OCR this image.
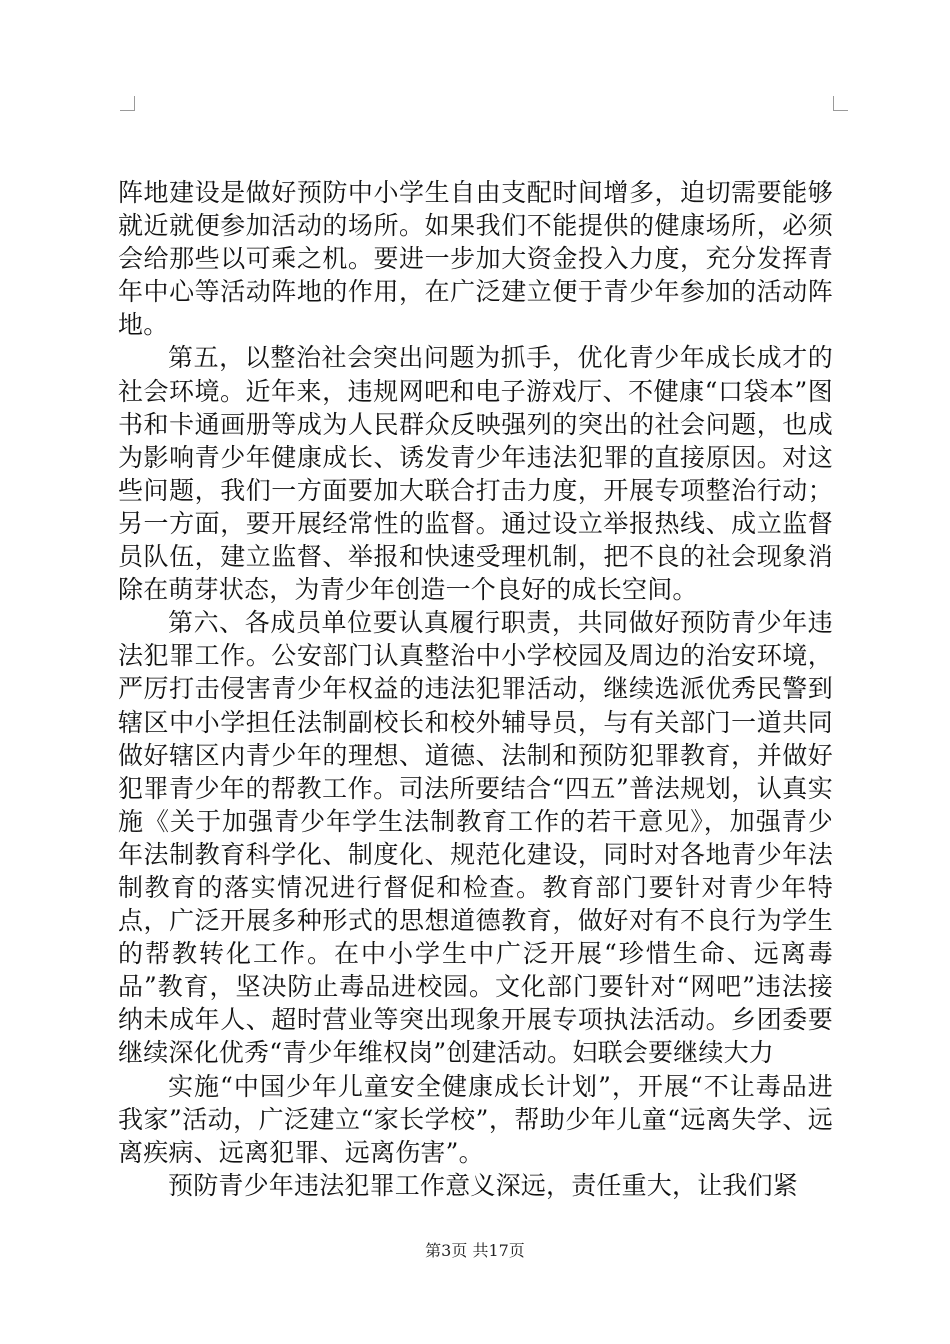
阵地建设是做好预防中小学生自由支配时间增多，迫切需要能够就近就便参加活动的场所。如果我们不能提供的健康场所，必须会给那些以可乘之机。要进一步加大资金投入力度，充分发挥青年中心等活动阵地的作用，在广泛建立便于青少年参加的活动阵地。

第五，以整治社会突出问题为抓手，优化青少年成长成才的社会环境。近年来，违规网吧和电子游戏厅、不健康“口袋本”图书和卡通画册等成为人民群众反映强列的突出的社会问题，也成为影响青少年健康成长、诱发青少年违法犯罪的直接原因。对这些问题，我们一方面要加大联合打击力度，开展专项整治行动；另一方面，要开展经常性的监督。通过设立举报热线、成立监督员队伍，建立监督、举报和快速受理机制，把不良的社会现象消除在萌芽状态，为青少年创造一个良好的成长空间。

第六、各成员单位要认真履行职责，共同做好预防青少年违法犯罪工作。公安部门认真整治中小学校园及周边的治安环境，严厉打击侵害青少年权益的违法犯罪活动，继续选派优秀民警到辖区中小学担任法制副校长和校外辅导员，与有关部门一道共同做好辖区内青少年的理想、道德、法制和预防犯罪教育，并做好犯罪青少年的帮教工作。司法所要结合“四五”普法规划，认真实施《关于加强青少年学生法制教育工作的若干意见》，加强青少年法制教育科学化、制度化、规范化建设，同时对各地青少年法制教育的落实情况进行督促和检查。教育部门要针对青少年特点，广泛开展多种形式的思想道德教育，做好对有不良行为学生的帮教转化工作。在中小学生中广泛开展“珍惜生命、远离毒品”教育，坚决防止毒品进校园。文化部门要针对“网吧”违法接纳未成年人、超时营业等突出现象开展专项执法活动。乡团委要继续深化优秀“青少年维权岗”创建活动。妇联会要继续大力

实施“中国少年儿童安全健康成长计划”，开展“不让毒品进我家”活动，广泛建立“家长学校”，帮助少年儿童“远离失学、远离疾病、远离犯罪、远离伤害”。

预防青少年违法犯罪工作意义深远，责任重大，让我们紧

第3页 共17页
